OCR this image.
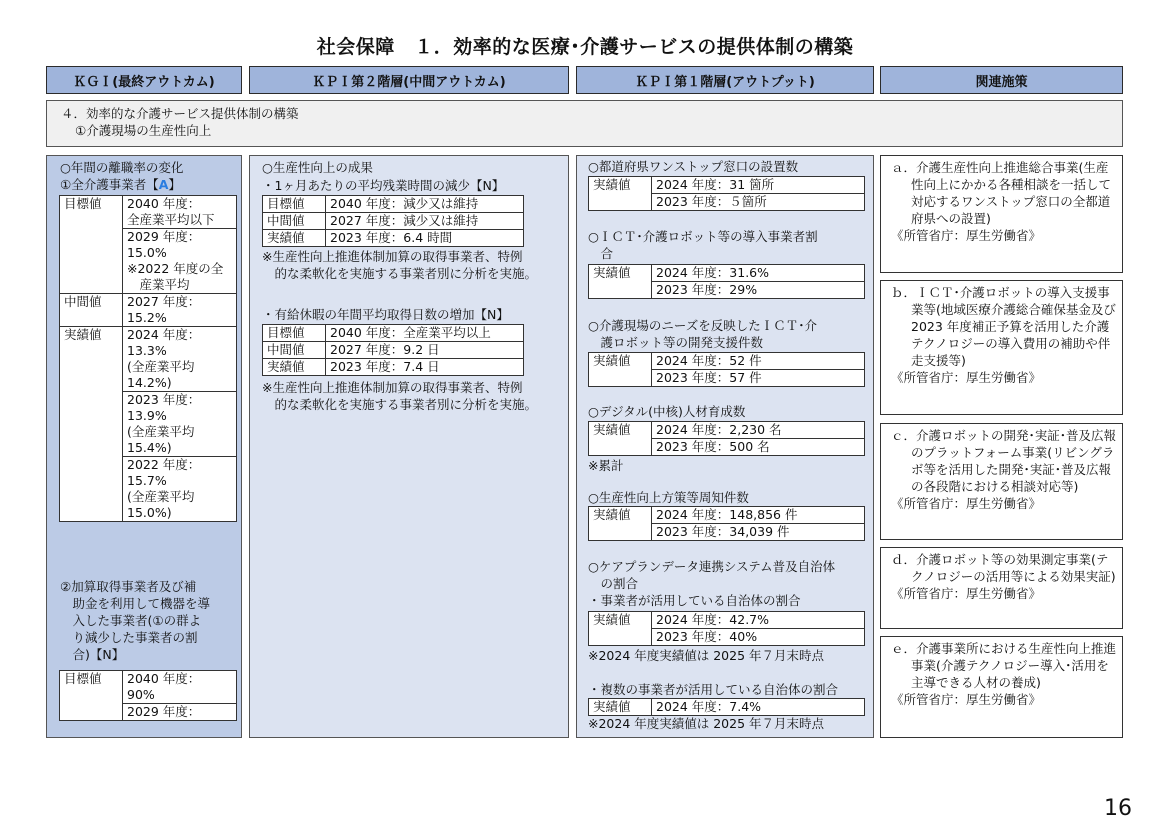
社会保障　１．効率的な医療･介護サービスの提供体制の構築
ＫＧＩ(最終アウトカム)	ＫＰＩ第２階層(中間アウトカム)	ＫＰＩ第１階層(アウトプット)	関連施策
４．効率的な介護サービス提供体制の構築
①介護現場の生産性向上
○年間の離職率の変化
①全介護事業者【A】
目標値	2040 年度：
全産業平均以下

	2029 年度：
15.0%
※2022 年度の全
　産業平均

中間値	2027 年度：
15.2%

実績値	2024 年度：
13.3%
(全産業平均
14.2%)

	2023 年度：
13.9%
(全産業平均
15.4%)

	2022 年度：
15.7%
(全産業平均
15.0%)
②加算取得事業者及び補
　助金を利用して機器を導
　入した事業者(①の群よ
　り減少した事業者の割
　合)【N】
目標値	2040 年度：
90%

2029 年度：
○生産性向上の成果
・1ヶ月あたりの平均残業時間の減少【N】
目標値	2040 年度：減少又は維持
中間値	2027 年度：減少又は維持
実績値	2023 年度：6.4 時間
※生産性向上推進体制加算の取得事業者、特例
　的な柔軟化を実施する事業者別に分析を実施。
・有給休暇の年間平均取得日数の増加【N】
目標値	2040 年度：全産業平均以上
中間値	2027 年度：9.2 日
実績値	2023 年度：7.4 日
※生産性向上推進体制加算の取得事業者、特例
　的な柔軟化を実施する事業者別に分析を実施。
○都道府県ワンストップ窓口の設置数
実績値	2024 年度：31 箇所
2023 年度：５箇所
○ＩＣＴ･介護ロボット等の導入事業者割
　合
実績値	2024 年度：31.6%
2023 年度：29%
○介護現場のニーズを反映したＩＣＴ･介
　護ロボット等の開発支援件数
実績値	2024 年度：52 件
2023 年度：57 件
○デジタル(中核)人材育成数
実績値	2024 年度：2,230 名
2023 年度：500 名
※累計
○生産性向上方策等周知件数
実績値	2024 年度：148,856 件
2023 年度：34,039 件
○ケアプランデータ連携システム普及自治体
　の割合
・事業者が活用している自治体の割合
実績値	2024 年度：42.7%
2023 年度：40%
※2024 年度実績値は 2025 年７月末時点
・複数の事業者が活用している自治体の割合
実績値	2024 年度：7.4%
※2024 年度実績値は 2025 年７月末時点
ａ．介護生産性向上推進総合事業(生産性向上にかかる各種相談を一括して対応するワンストップ窓口の全都道府県への設置)
《所管省庁：厚生労働省》
ｂ．ＩＣＴ･介護ロボットの導入支援事業等(地域医療介護総合確保基金及び 2023 年度補正予算を活用した介護テクノロジーの導入費用の補助や伴走支援等)
《所管省庁：厚生労働省》
ｃ．介護ロボットの開発･実証･普及広報のプラットフォーム事業(リビングラボ等を活用した開発･実証･普及広報の各段階における相談対応等)
《所管省庁：厚生労働省》
ｄ．介護ロボット等の効果測定事業(テクノロジーの活用等による効果実証)
《所管省庁：厚生労働省》
ｅ．介護事業所における生産性向上推進事業(介護テクノロジー導入･活用を主導できる人材の養成)
《所管省庁：厚生労働省》
16
